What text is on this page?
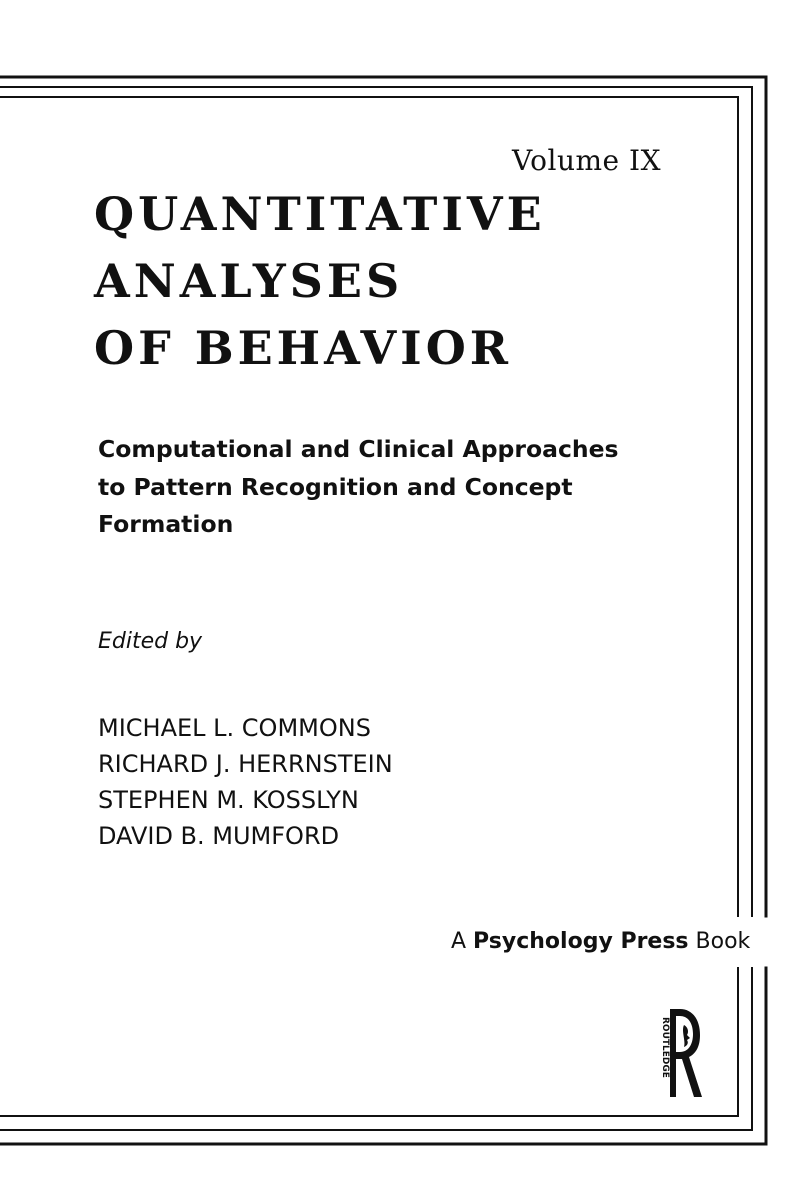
Volume IX

QUANTITATIVE
ANALYSES
OF BEHAVIOR

Computational and Clinical Approaches

to Pattern Recognition and Concept

Formation

Edited by

MICHAEL L. COMMONS

RICHARD J. HERRNSTEIN

STEPHEN M. KOSSLYN

DAVID B. MUMFORD

A Psychology Press Book

ROUTLEDGE
